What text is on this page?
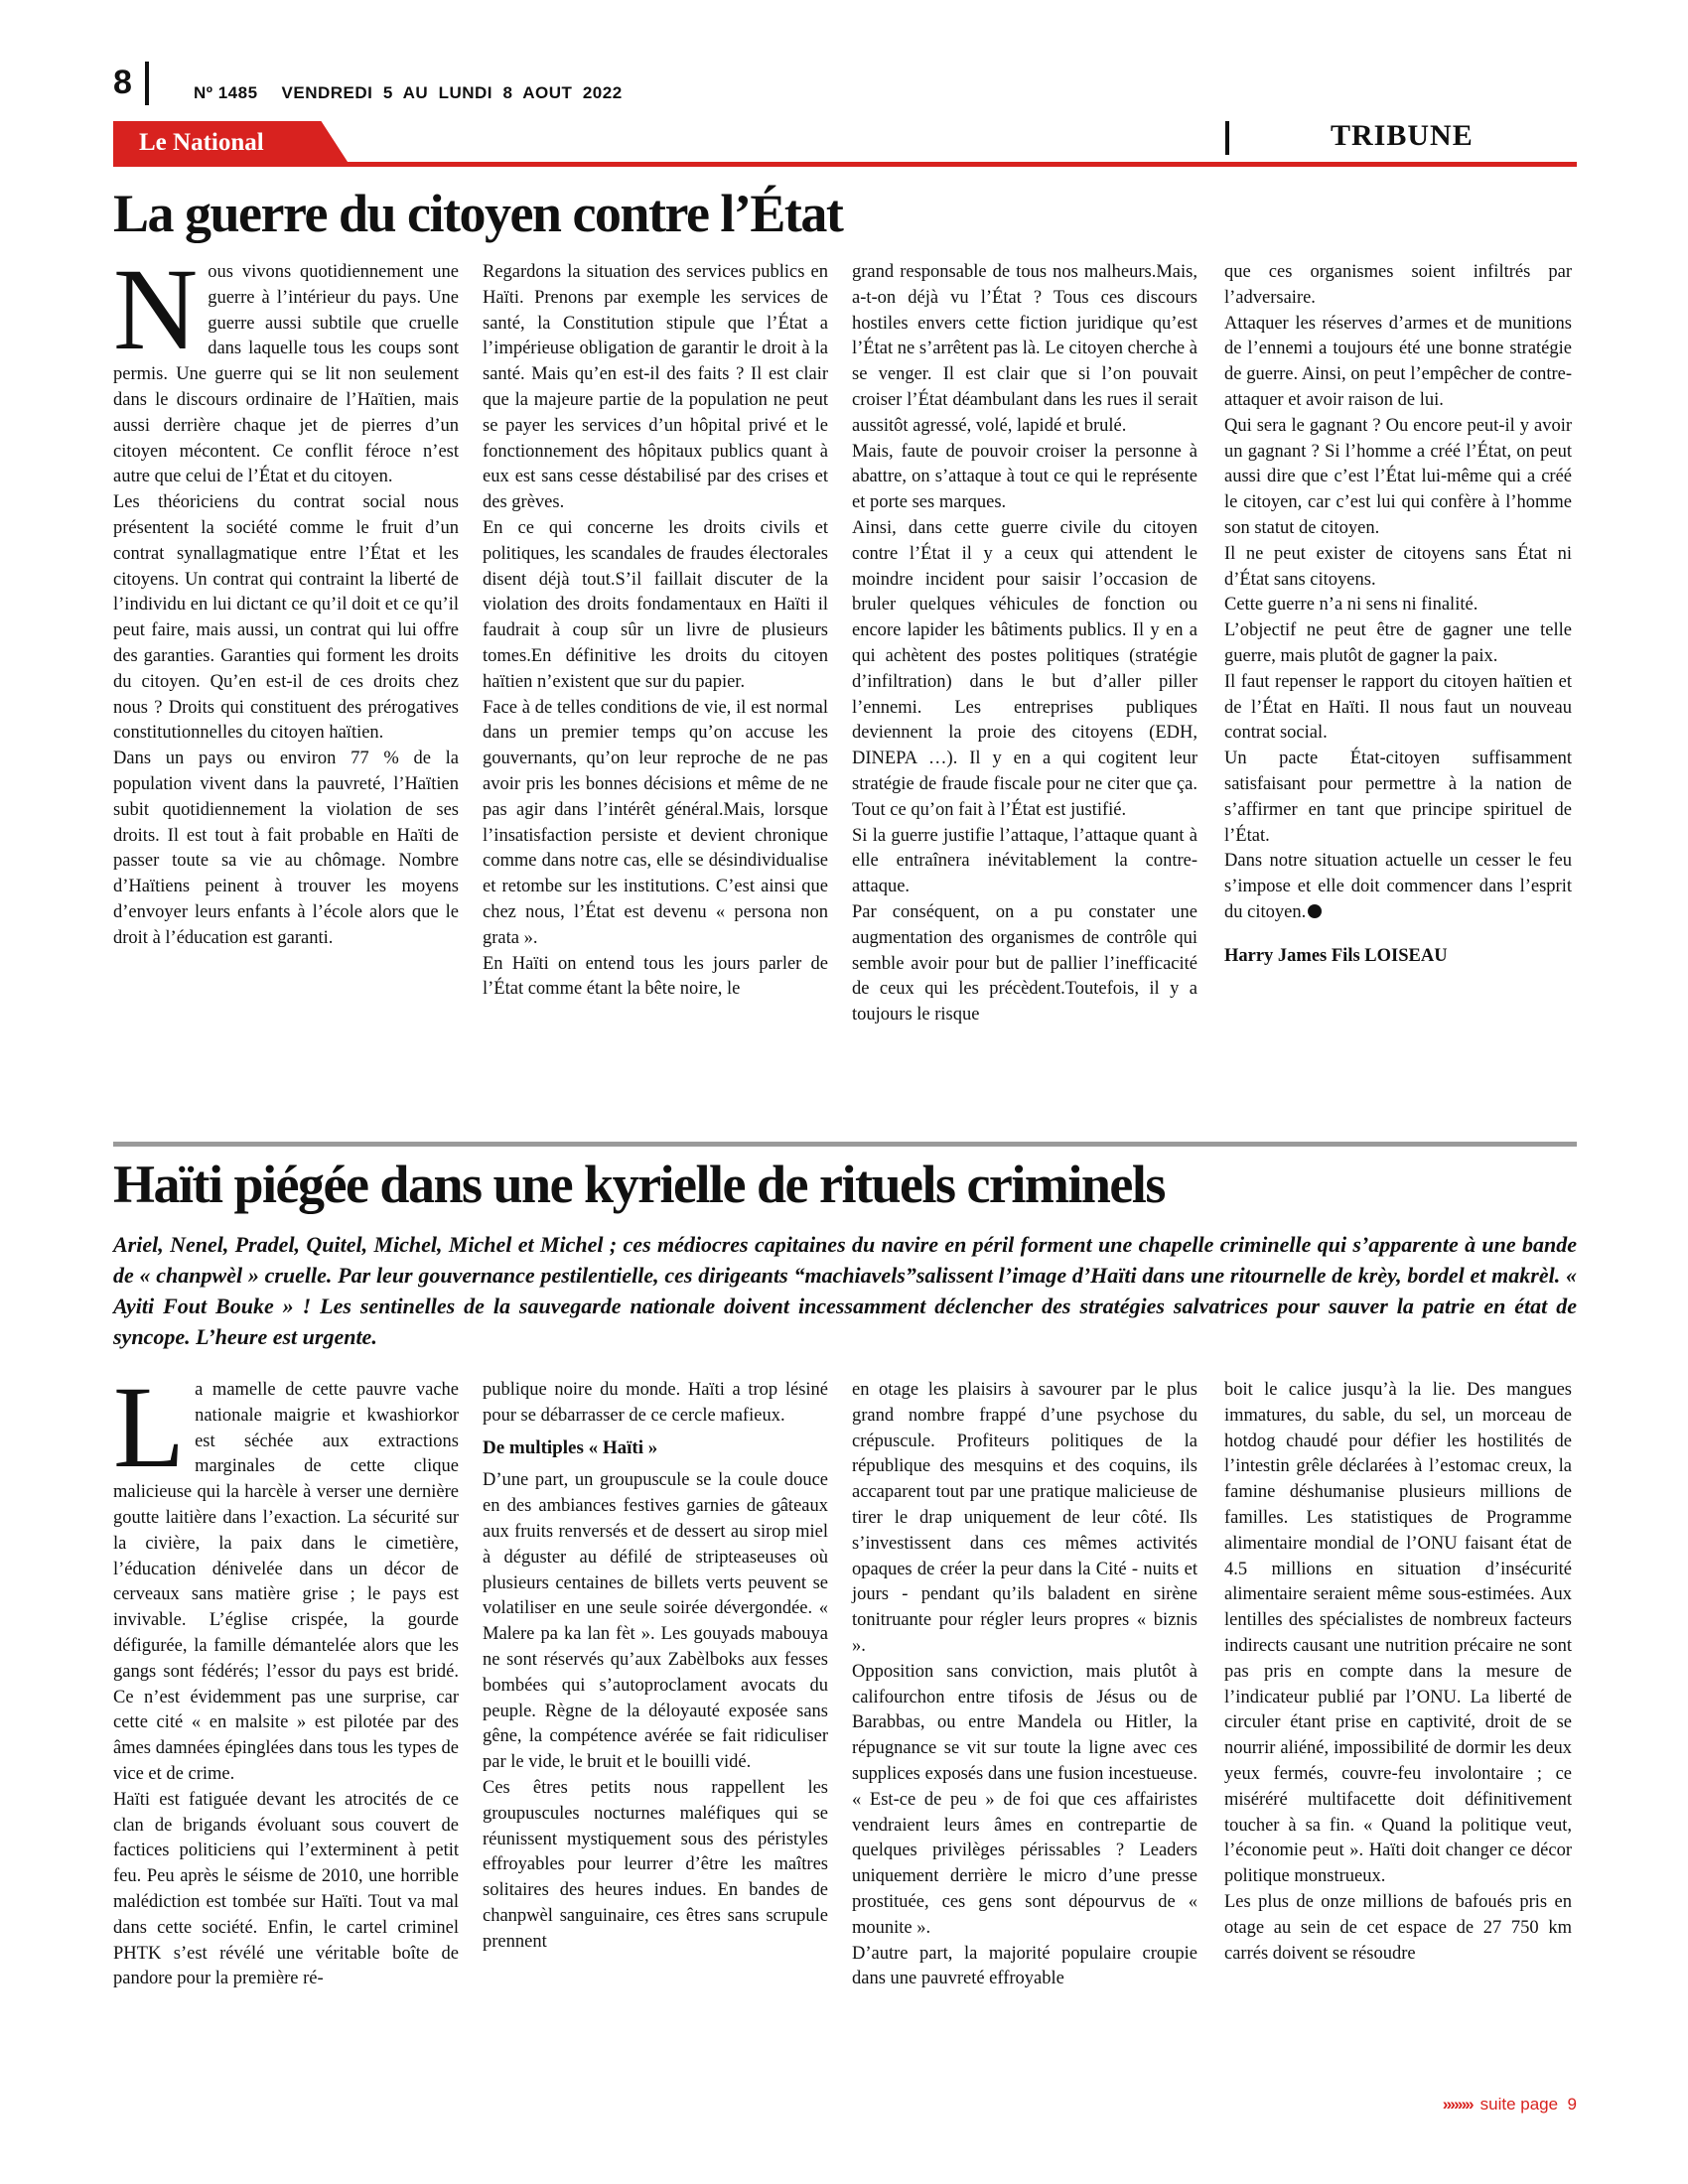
8	Nº 1485 VENDREDI  5  AU  LUNDI  8  AOUT  2022
Le National	TRIBUNE
La guerre du citoyen contre l’État

Nous vivons quotidiennement une guerre à l’intérieur du pays. Une guerre aussi subtile que cruelle dans laquelle tous les coups sont permis. Une guerre qui se lit non seulement dans le discours ordinaire de l’Haïtien, mais aussi derrière chaque jet de pierres d’un citoyen mécontent. Ce conflit féroce n’est autre que celui de l’État et du citoyen.

Les théoriciens du contrat social nous présentent la société comme le fruit d’un contrat synallagmatique entre l’État et les citoyens. Un contrat qui contraint la liberté de l’individu en lui dictant ce qu’il doit et ce qu’il peut faire, mais aussi, un contrat qui lui offre des garanties. Garanties qui forment les droits du citoyen. Qu’en est-il de ces droits chez nous ? Droits qui constituent des prérogatives constitutionnelles du citoyen haïtien.

Dans un pays ou environ 77 % de la population vivent dans la pauvreté, l’Haïtien subit quotidiennement la violation de ses droits. Il est tout à fait probable en Haïti de passer toute sa vie au chômage. Nombre d’Haïtiens peinent à trouver les moyens d’envoyer leurs enfants à l’école alors que le droit à l’éducation est garanti.

Regardons la situation des services publics en Haïti. Prenons par exemple les services de santé, la Constitution stipule que l’État a l’impérieuse obligation de garantir le droit à la santé. Mais qu’en est-il des faits ? Il est clair que la majeure partie de la population ne peut se payer les services d’un hôpital privé et le fonctionnement des hôpitaux publics quant à eux est sans cesse déstabilisé par des crises et des grèves.

En ce qui concerne les droits civils et politiques, les scandales de fraudes électorales disent déjà tout.S’il faillait discuter de la violation des droits fondamentaux en Haïti il faudrait à coup sûr un livre de plusieurs tomes.En définitive les droits du citoyen haïtien n’existent que sur du papier.

Face à de telles conditions de vie, il est normal dans un premier temps qu’on accuse les gouvernants, qu’on leur reproche de ne pas avoir pris les bonnes décisions et même de ne pas agir dans l’intérêt général.Mais, lorsque l’insatisfaction persiste et devient chronique comme dans notre cas, elle se désindividualise et retombe sur les institutions. C’est ainsi que chez nous, l’État est devenu « persona non grata ».

En Haïti on entend tous les jours parler de l’État comme étant la bête noire, le

grand responsable de tous nos malheurs.Mais, a-t-on déjà vu l’État ? Tous ces discours hostiles envers cette fiction juridique qu’est l’État ne s’arrêtent pas là. Le citoyen cherche à se venger. Il est clair que si l’on pouvait croiser l’État déambulant dans les rues il serait aussitôt agressé, volé, lapidé et brulé.

Mais, faute de pouvoir croiser la personne à abattre, on s’attaque à tout ce qui le représente et porte ses marques.

Ainsi, dans cette guerre civile du citoyen contre l’État il y a ceux qui attendent le moindre incident pour saisir l’occasion de bruler quelques véhicules de fonction ou encore lapider les bâtiments publics. Il y en a qui achètent des postes politiques (stratégie d’infiltration) dans le but d’aller piller l’ennemi. Les entreprises publiques deviennent la proie des citoyens (EDH, DINEPA …). Il y en a qui cogitent leur stratégie de fraude fiscale pour ne citer que ça. Tout ce qu’on fait à l’État est justifié.

Si la guerre justifie l’attaque, l’attaque quant à elle entraînera inévitablement la contre-attaque.

Par conséquent, on a pu constater une augmentation des organismes de contrôle qui semble avoir pour but de pallier l’inefficacité de ceux qui les précèdent.Toutefois, il y a toujours le risque

que ces organismes soient infiltrés par l’adversaire.

Attaquer les réserves d’armes et de munitions de l’ennemi a toujours été une bonne stratégie de guerre. Ainsi, on peut l’empêcher de contre-attaquer et avoir raison de lui.

Qui sera le gagnant ? Ou encore peut-il y avoir un gagnant ? Si l’homme a créé l’État, on peut aussi dire que c’est l’État lui-même qui a créé le citoyen, car c’est lui qui confère à l’homme son statut de citoyen.

Il ne peut exister de citoyens sans État ni d’État sans citoyens.

Cette guerre n’a ni sens ni finalité.

L’objectif ne peut être de gagner une telle guerre, mais plutôt de gagner la paix.

Il faut repenser le rapport du citoyen haïtien et de l’État en Haïti. Il nous faut un nouveau contrat social.

Un pacte État-citoyen suffisamment satisfaisant pour permettre à la nation de s’affirmer en tant que principe spirituel de l’État.

Dans notre situation actuelle un cesser le feu s’impose et elle doit commencer dans l’esprit du citoyen.

Harry James Fils LOISEAU

Haïti piégée dans une kyrielle de rituels criminels
Ariel, Nenel, Pradel, Quitel, Michel, Michel et Michel ; ces médiocres capitaines du navire en péril forment une chapelle criminelle qui s’apparente à une bande de « chanpwèl » cruelle. Par leur gouvernance pestilentielle, ces dirigeants “machiavels”salissent l’image d’Haïti dans une ritournelle de krèy, bordel et makrèl. « Ayiti Fout Bouke » ! Les sentinelles de la sauvegarde nationale doivent incessamment déclencher des stratégies salvatrices pour sauver la patrie en état de syncope. L’heure est urgente.

La mamelle de cette pauvre vache nationale maigrie et kwashiorkor est séchée aux extractions marginales de cette clique malicieuse qui la harcèle à verser une dernière goutte laitière dans l’exaction. La sécurité sur la civière, la paix dans le cimetière, l’éducation dénivelée dans un décor de cerveaux sans matière grise ; le pays est invivable. L’église crispée, la gourde défigurée, la famille démantelée alors que les gangs sont fédérés; l’essor du pays est bridé. Ce n’est évidemment pas une surprise, car cette cité « en malsite » est pilotée par des âmes damnées épinglées dans tous les types de vice et de crime.

Haïti est fatiguée devant les atrocités de ce clan de brigands évoluant sous couvert de factices politiciens qui l’exterminent à petit feu. Peu après le séisme de 2010, une horrible malédiction est tombée sur Haïti. Tout va mal dans cette société. Enfin, le cartel criminel PHTK s’est révélé une véritable boîte de pandore pour la première ré-

publique noire du monde. Haïti a trop lésiné pour se débarrasser de ce cercle mafieux.

De multiples « Haïti »

D’une part, un groupuscule se la coule douce en des ambiances festives garnies de gâteaux aux fruits renversés et de dessert au sirop miel à déguster au défilé de stripteaseuses où plusieurs centaines de billets verts peuvent se volatiliser en une seule soirée dévergondée. « Malere pa ka lan fèt ». Les gouyads mabouya ne sont réservés qu’aux Zabèlboks aux fesses bombées qui s’autoproclament avocats du peuple. Règne de la déloyauté exposée sans gêne, la compétence avérée se fait ridiculiser par le vide, le bruit et le bouilli vidé.

Ces êtres petits nous rappellent les groupuscules nocturnes maléfiques qui se réunissent mystiquement sous des péristyles effroyables pour leurrer d’être les maîtres solitaires des heures indues. En bandes de chanpwèl sanguinaire, ces êtres sans scrupule prennent

en otage les plaisirs à savourer par le plus grand nombre frappé d’une psychose du crépuscule. Profiteurs politiques de la république des mesquins et des coquins, ils accaparent tout par une pratique malicieuse de tirer le drap uniquement de leur côté. Ils s’investissent dans ces mêmes activités opaques de créer la peur dans la Cité - nuits et jours - pendant qu’ils baladent en sirène tonitruante pour régler leurs propres « biznis ».

Opposition sans conviction, mais plutôt à califourchon entre tifosis de Jésus ou de Barabbas, ou entre Mandela ou Hitler, la répugnance se vit sur toute la ligne avec ces supplices exposés dans une fusion incestueuse. « Est-ce de peu » de foi que ces affairistes vendraient leurs âmes en contrepartie de quelques privilèges périssables ? Leaders uniquement derrière le micro d’une presse prostituée, ces gens sont dépourvus de « mounite ».

D’autre part, la majorité populaire croupie dans une pauvreté effroyable

boit le calice jusqu’à la lie. Des mangues immatures, du sable, du sel, un morceau de hotdog chaudé pour défier les hostilités de l’intestin grêle déclarées à l’estomac creux, la famine déshumanise plusieurs millions de familles. Les statistiques de Programme alimentaire mondial de l’ONU faisant état de 4.5 millions en situation d’insécurité alimentaire seraient même sous-estimées. Aux lentilles des spécialistes de nombreux facteurs indirects causant une nutrition précaire ne sont pas pris en compte dans la mesure de l’indicateur publié par l’ONU. La liberté de circuler étant prise en captivité, droit de se nourrir aliéné, impossibilité de dormir les deux yeux fermés, couvre-feu involontaire ; ce miséréré multifacette doit définitivement toucher à sa fin. « Quand la politique veut, l’économie peut ». Haïti doit changer ce décor politique monstrueux.

Les plus de onze millions de bafoués pris en otage au sein de cet espace de 27 750 km carrés doivent se résoudre

»»»» suite page 9
